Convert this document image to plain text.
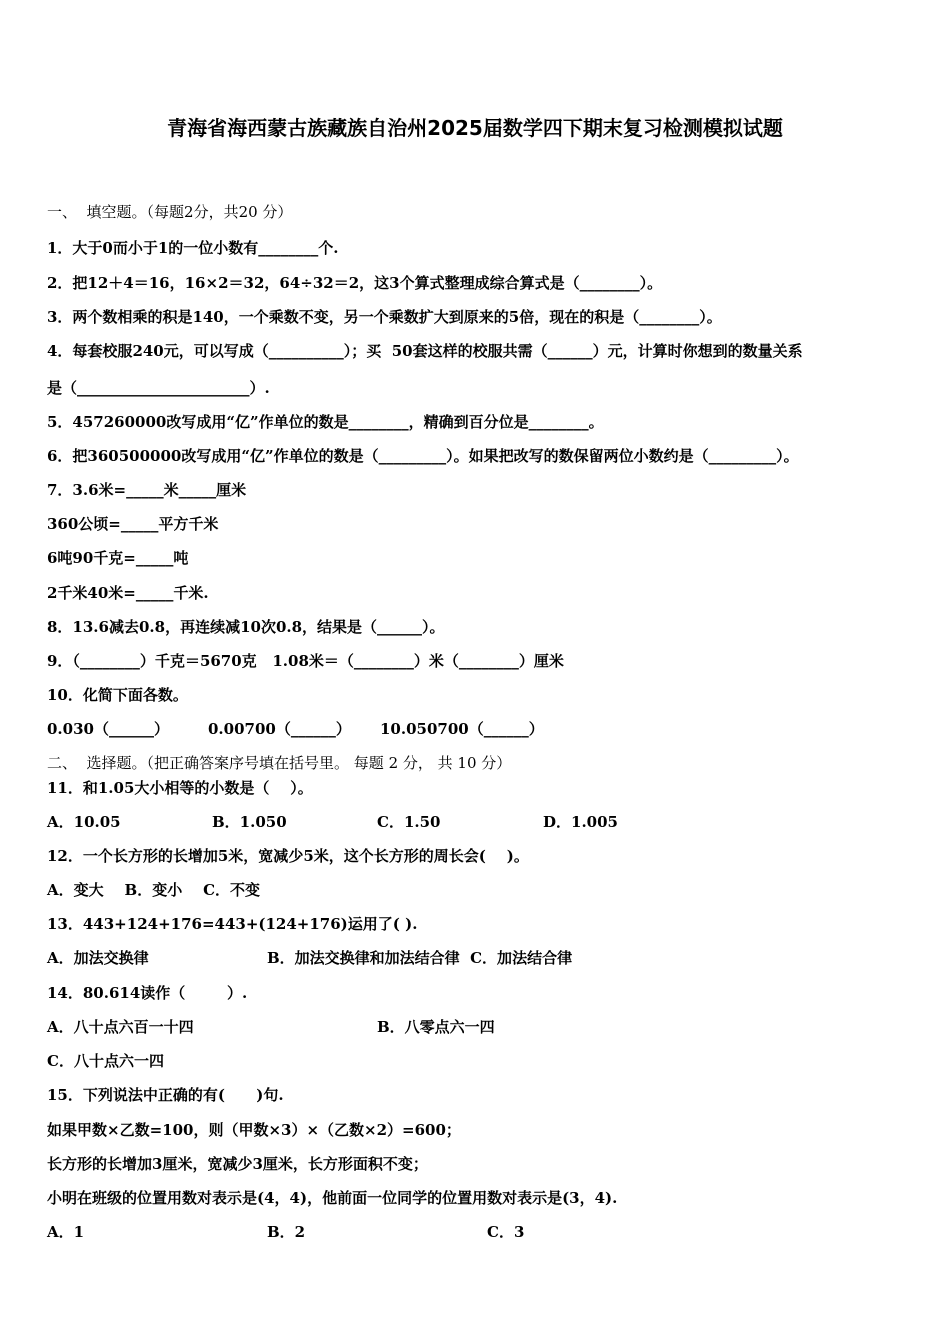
青海省海西蒙古族藏族自治州2025届数学四下期末复习检测模拟试题
一、  填空题。（每题2分，共20 分）
1．大于0而小于1的一位小数有________个.
2．把12＋4＝16，16×2＝32，64÷32＝2，这3个算式整理成综合算式是（________）。
3．两个数相乘的积是140，一个乘数不变，另一个乘数扩大到原来的5倍，现在的积是（________）。
4．每套校服240元，可以写成（__________）；买  50套这样的校服共需（______）元，计算时你想到的数量关系
是（_______________________）.
5．457260000改写成用“亿”作单位的数是________，精确到百分位是________。
6．把360500000改写成用“亿”作单位的数是（_________）。如果把改写的数保留两位小数约是（_________）。
7．3.6米=_____米_____厘米
360公顷=_____平方千米
6吨90千克=_____吨
2千米40米=_____千米.
8．13.6减去0.8，再连续减10次0.8，结果是（______）。
9．（________）千克＝5670克   1.08米＝（________）米（________）厘米
10．化简下面各数。
0.030（______）	0.00700（______） 10.050700（______）
二、  选择题。（把正确答案序号填在括号里。 每题 2 分， 共 10 分）
11．和1.05大小相等的小数是（    ）。
A．10.05	B．1.050	C．1.50	D．1.005
12．一个长方形的长增加5米，宽减少5米，这个长方形的周长会(    )。
A．变大    B．变小    C．不变
13．443+124+176=443+(124+176)运用了( ).
A．加法交换律	B．加法交换律和加法结合律  C．加法结合律
14．80.614读作（        ）.
A．八十点六百一十四	B．八零点六一四
C．八十点六一四
15．下列说法中正确的有(      )句.
如果甲数×乙数=100，则（甲数×3）×（乙数×2）=600；
长方形的长增加3厘米，宽减少3厘米，长方形面积不变；
小明在班级的位置用数对表示是(4，4)，他前面一位同学的位置用数对表示是(3，4).
A．1	B．2	C．3
